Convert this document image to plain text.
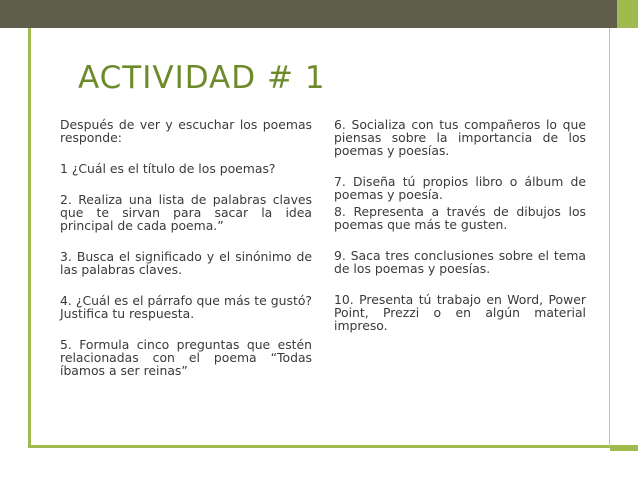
ACTIVIDAD # 1

Después de ver y escuchar los poemas responde:

1 ¿Cuál es el título de los poemas?

2. Realiza una lista de palabras claves que te sirvan para sacar la idea principal de cada poema.”

3. Busca el significado y el sinónimo de las palabras claves.

4. ¿Cuál es el párrafo que más te gustó? Justifica tu respuesta.

5. Formula cinco preguntas que estén relacionadas con el poema “Todas íbamos a ser reinas”

6. Socializa con tus compañeros lo que piensas sobre la importancia de los poemas y poesías.

7. Diseña tú propios libro o álbum de poemas y poesía.

8. Representa a través de dibujos los poemas que más te gusten.

9. Saca tres conclusiones sobre el tema de los poemas y poesías.

10. Presenta tú trabajo en Word, Power Point, Prezzi o en algún material impreso.
